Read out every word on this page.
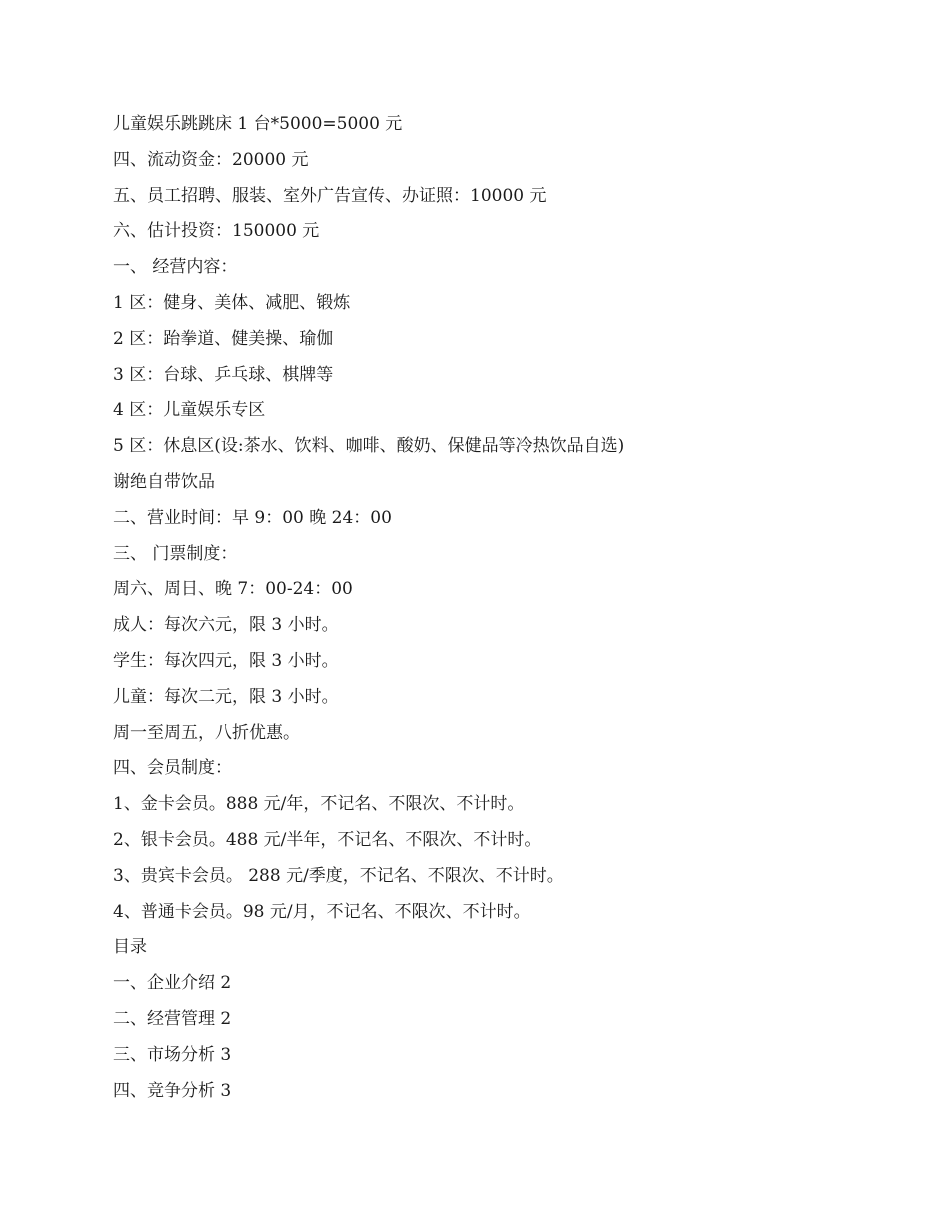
儿童娱乐跳跳床 1 台*5000=5000 元
四、流动资金：20000 元
五、员工招聘、服装、室外广告宣传、办证照：10000 元
六、估计投资：150000 元
一、 经营内容：
1 区：健身、美体、减肥、锻炼
2 区：跆拳道、健美操、瑜伽
3 区：台球、乒乓球、棋牌等
4 区：儿童娱乐专区
5 区：休息区(设:茶水、饮料、咖啡、酸奶、保健品等冷热饮品自选)
谢绝自带饮品
二、营业时间：早 9：00 晚 24：00
三、 门票制度：
周六、周日、晚 7：00-24：00
成人：每次六元，限 3 小时。
学生：每次四元，限 3 小时。
儿童：每次二元，限 3 小时。
周一至周五，八折优惠。
四、会员制度：
1、金卡会员。888 元/年，不记名、不限次、不计时。
2、银卡会员。488 元/半年，不记名、不限次、不计时。
3、贵宾卡会员。 288 元/季度，不记名、不限次、不计时。
4、普通卡会员。98 元/月，不记名、不限次、不计时。
目录
一、企业介绍 2
二、经营管理 2
三、市场分析 3
四、竞争分析 3
